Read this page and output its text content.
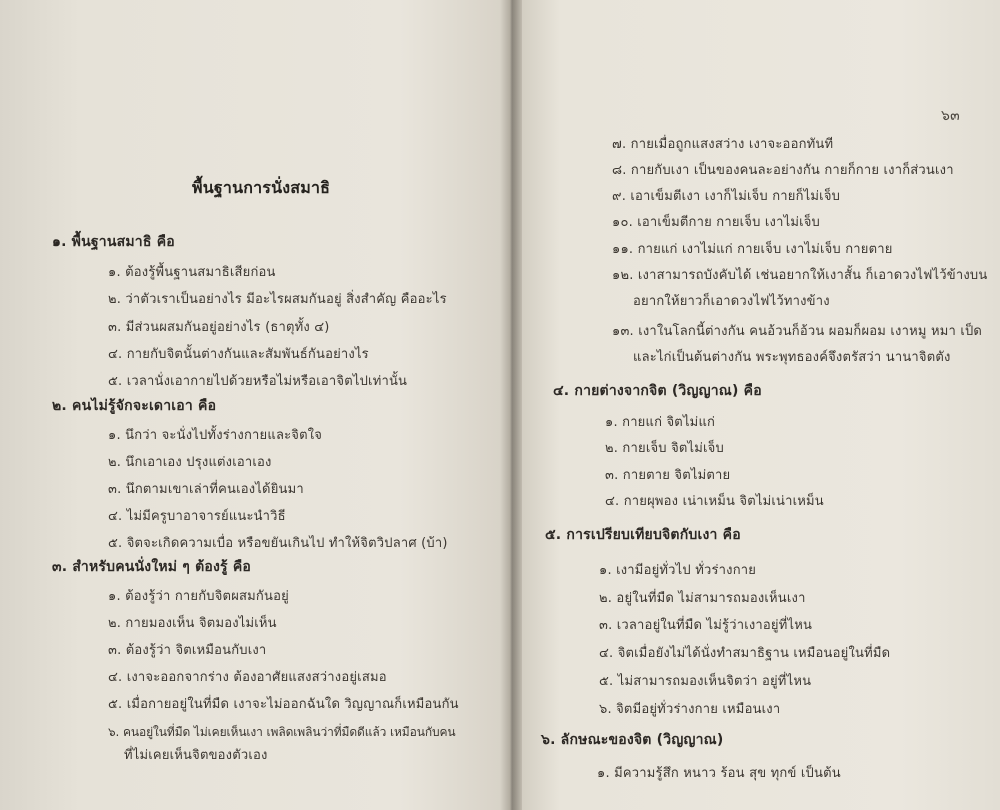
พื้นฐานการนั่งสมาธิ
๑. พื้นฐานสมาธิ คือ
๑. ต้องรู้พื้นฐานสมาธิเสียก่อน
๒. ว่าตัวเราเป็นอย่างไร มีอะไรผสมกันอยู่ สิ่งสำคัญ คืออะไร
๓. มีส่วนผสมกันอยู่อย่างไร (ธาตุทั้ง ๔)
๔. กายกับจิตนั้นต่างกันและสัมพันธ์กันอย่างไร
๕. เวลานั่งเอากายไปด้วยหรือไม่หรือเอาจิตไปเท่านั้น
๒. คนไม่รู้จักจะเดาเอา คือ
๑. นึกว่า จะนั่งไปทั้งร่างกายและจิตใจ
๒. นึกเอาเอง ปรุงแต่งเอาเอง
๓. นึกตามเขาเล่าที่คนเองได้ยินมา
๔. ไม่มีครูบาอาจารย์แนะนำวิธี
๕. จิตจะเกิดความเบื่อ หรือขยันเกินไป ทำให้จิตวิปลาศ (บ้า)
๓. สำหรับคนนั่งใหม่ ๆ ต้องรู้ คือ
๑. ต้องรู้ว่า กายกับจิตผสมกันอยู่
๒. กายมองเห็น จิตมองไม่เห็น
๓. ต้องรู้ว่า จิตเหมือนกับเงา
๔. เงาจะออกจากร่าง ต้องอาศัยแสงสว่างอยู่เสมอ
๕. เมื่อกายอยู่ในที่มืด เงาจะไม่ออกฉันใด วิญญาณก็เหมือนกัน
๖. คนอยู่ในที่มืด ไม่เคยเห็นเงา เพลิดเพลินว่าที่มืดดีแล้ว เหมือนกับคน
ที่ไม่เคยเห็นจิตของตัวเอง
๖๓
๗. กายเมื่อถูกแสงสว่าง เงาจะออกทันที
๘. กายกับเงา เป็นของคนละอย่างกัน กายก็กาย เงาก็ส่วนเงา
๙. เอาเข็มตีเงา เงาก็ไม่เจ็บ กายก็ไม่เจ็บ
๑๐. เอาเข็มตีกาย กายเจ็บ เงาไม่เจ็บ
๑๑. กายแก่ เงาไม่แก่ กายเจ็บ เงาไม่เจ็บ กายตาย
๑๒. เงาสามารถบังคับได้ เช่นอยากให้เงาสั้น ก็เอาดวงไฟไว้ข้างบน
อยากให้ยาวก็เอาดวงไฟไว้ทางข้าง
๑๓. เงาในโลกนี้ต่างกัน คนอ้วนก็อ้วน ผอมก็ผอม เงาหมู หมา เป็ด
และไก่เป็นต้นต่างกัน พระพุทธองค์จึงตรัสว่า นานาจิตตัง
๔. กายต่างจากจิต (วิญญาณ) คือ
๑. กายแก่ จิตไม่แก่
๒. กายเจ็บ จิตไม่เจ็บ
๓. กายตาย จิตไม่ตาย
๔. กายผุพอง เน่าเหม็น จิตไม่เน่าเหม็น
๕. การเปรียบเทียบจิตกับเงา คือ
๑. เงามีอยู่ทั่วไป ทั่วร่างกาย
๒. อยู่ในที่มืด ไม่สามารถมองเห็นเงา
๓. เวลาอยู่ในที่มืด ไม่รู้ว่าเงาอยู่ที่ไหน
๔. จิตเมื่อยังไม่ได้นั่งทำสมาธิฐาน เหมือนอยู่ในที่มืด
๕. ไม่สามารถมองเห็นจิตว่า อยู่ที่ไหน
๖. จิตมีอยู่ทั่วร่างกาย เหมือนเงา
๖. ลักษณะของจิต (วิญญาณ)
๑. มีความรู้สึก หนาว ร้อน สุข ทุกข์ เป็นต้น
